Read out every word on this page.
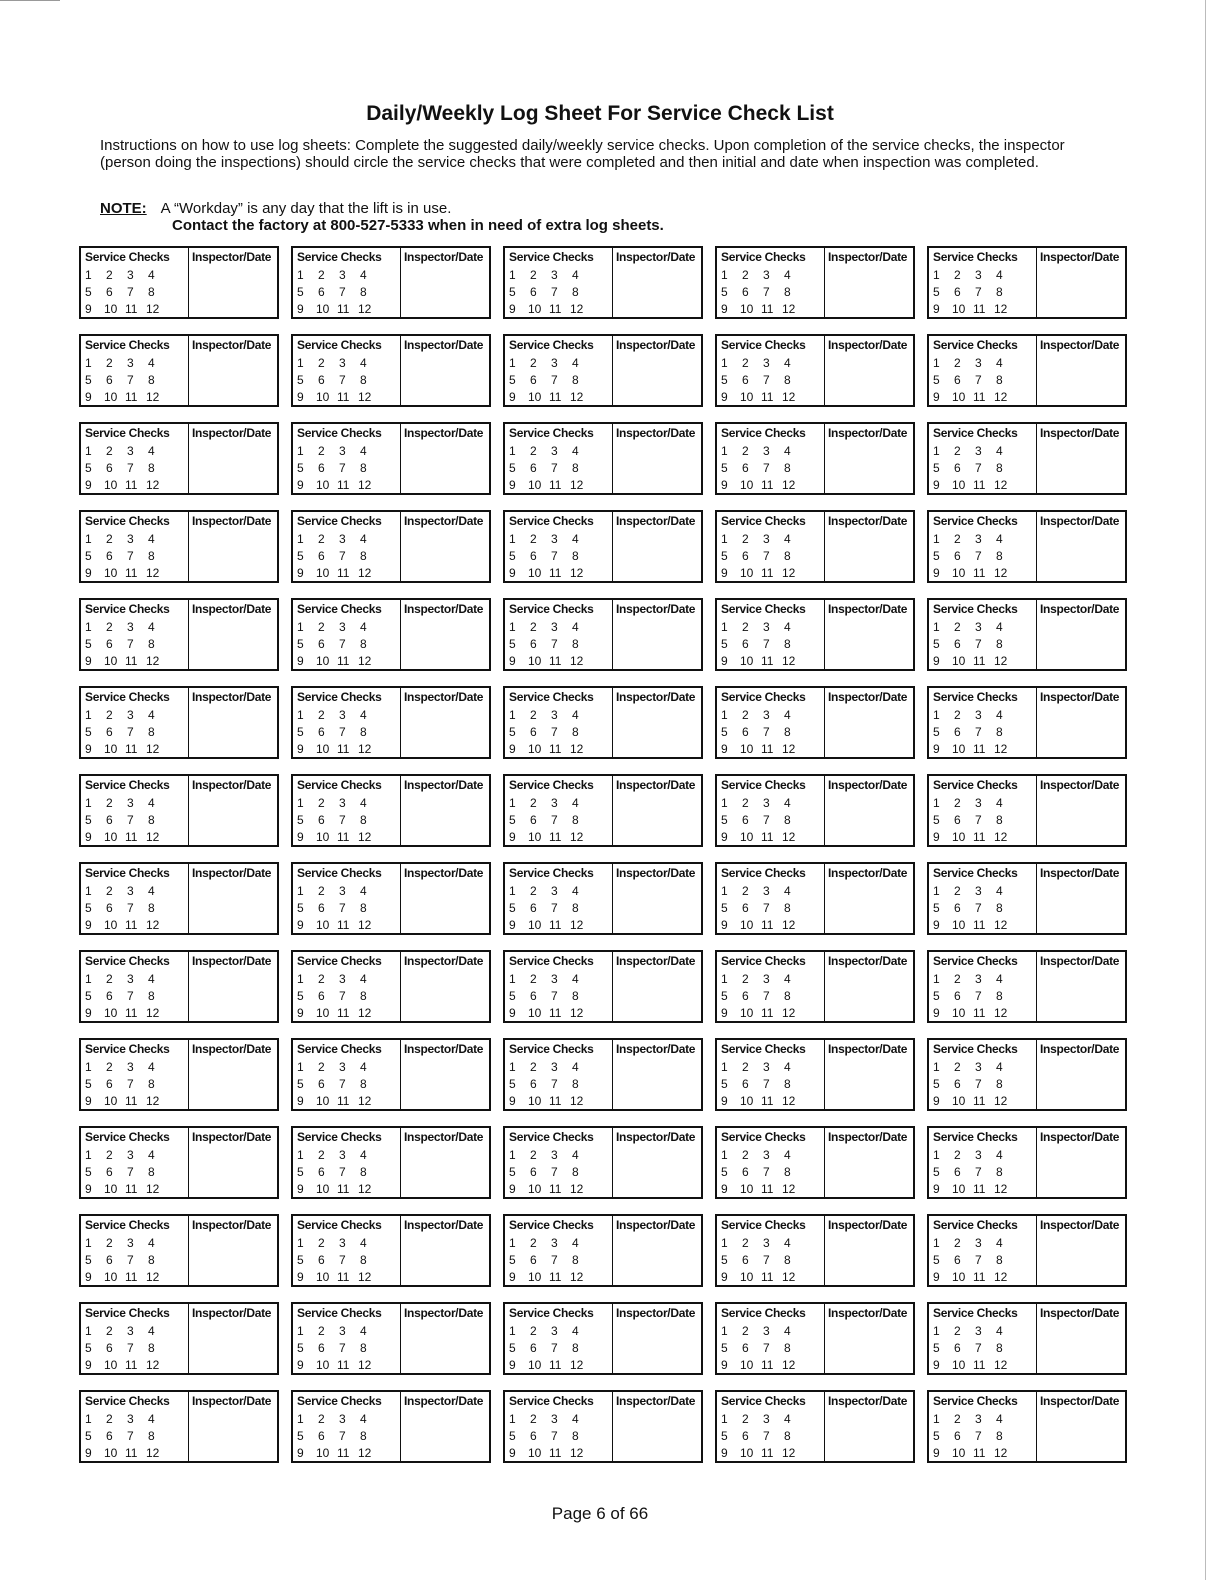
Daily/Weekly Log Sheet For Service Check List
Instructions on how to use log sheets: Complete the suggested daily/weekly service checks. Upon completion of the service checks, the inspector (person doing the inspections) should circle the service checks that were completed and then initial and date when inspection was completed.
NOTE: A “Workday” is any day that the lift is in use.
Contact the factory at 800-527-5333 when in need of extra log sheets.
Service Checks
1	2	3	4
5	6	7	8
9	10 11 12
Inspector/Date	Service Checks
1	2	3	4
5	6	7	8
9	10 11 12
Inspector/Date	Service Checks
1	2	3	4
5	6	7	8
9	10 11 12
Inspector/Date	Service Checks
1	2	3	4
5	6	7	8
9	10 11 12
Inspector/Date	Service Checks
1	2	3	4
5	6	7	8
9	10 11 12
Inspector/Date
Service Checks
1	2	3	4
5	6	7	8
9	10 11 12
Inspector/Date	Service Checks
1	2	3	4
5	6	7	8
9	10 11 12
Inspector/Date	Service Checks
1	2	3	4
5	6	7	8
9	10 11 12
Inspector/Date	Service Checks
1	2	3	4
5	6	7	8
9	10 11 12
Inspector/Date	Service Checks
1	2	3	4
5	6	7	8
9	10 11 12
Inspector/Date
Service Checks
1	2	3	4
5	6	7	8
9	10 11 12
Inspector/Date	Service Checks
1	2	3	4
5	6	7	8
9	10 11 12
Inspector/Date	Service Checks
1	2	3	4
5	6	7	8
9	10 11 12
Inspector/Date	Service Checks
1	2	3	4
5	6	7	8
9	10 11 12
Inspector/Date	Service Checks
1	2	3	4
5	6	7	8
9	10 11 12
Inspector/Date
Service Checks
1	2	3	4
5	6	7	8
9	10 11 12
Inspector/Date	Service Checks
1	2	3	4
5	6	7	8
9	10 11 12
Inspector/Date	Service Checks
1	2	3	4
5	6	7	8
9	10 11 12
Inspector/Date	Service Checks
1	2	3	4
5	6	7	8
9	10 11 12
Inspector/Date	Service Checks
1	2	3	4
5	6	7	8
9	10 11 12
Inspector/Date
Service Checks
1	2	3	4
5	6	7	8
9	10 11 12
Inspector/Date	Service Checks
1	2	3	4
5	6	7	8
9	10 11 12
Inspector/Date	Service Checks
1	2	3	4
5	6	7	8
9	10 11 12
Inspector/Date	Service Checks
1	2	3	4
5	6	7	8
9	10 11 12
Inspector/Date	Service Checks
1	2	3	4
5	6	7	8
9	10 11 12
Inspector/Date
Service Checks
1	2	3	4
5	6	7	8
9	10 11 12
Inspector/Date	Service Checks
1	2	3	4
5	6	7	8
9	10 11 12
Inspector/Date	Service Checks
1	2	3	4
5	6	7	8
9	10 11 12
Inspector/Date	Service Checks
1	2	3	4
5	6	7	8
9	10 11 12
Inspector/Date	Service Checks
1	2	3	4
5	6	7	8
9	10 11 12
Inspector/Date
Service Checks
1	2	3	4
5	6	7	8
9	10 11 12
Inspector/Date	Service Checks
1	2	3	4
5	6	7	8
9	10 11 12
Inspector/Date	Service Checks
1	2	3	4
5	6	7	8
9	10 11 12
Inspector/Date	Service Checks
1	2	3	4
5	6	7	8
9	10 11 12
Inspector/Date	Service Checks
1	2	3	4
5	6	7	8
9	10 11 12
Inspector/Date
Service Checks
1	2	3	4
5	6	7	8
9	10 11 12
Inspector/Date	Service Checks
1	2	3	4
5	6	7	8
9	10 11 12
Inspector/Date	Service Checks
1	2	3	4
5	6	7	8
9	10 11 12
Inspector/Date	Service Checks
1	2	3	4
5	6	7	8
9	10 11 12
Inspector/Date	Service Checks
1	2	3	4
5	6	7	8
9	10 11 12
Inspector/Date
Service Checks
1	2	3	4
5	6	7	8
9	10 11 12
Inspector/Date	Service Checks
1	2	3	4
5	6	7	8
9	10 11 12
Inspector/Date	Service Checks
1	2	3	4
5	6	7	8
9	10 11 12
Inspector/Date	Service Checks
1	2	3	4
5	6	7	8
9	10 11 12
Inspector/Date	Service Checks
1	2	3	4
5	6	7	8
9	10 11 12
Inspector/Date
Service Checks
1	2	3	4
5	6	7	8
9	10 11 12
Inspector/Date	Service Checks
1	2	3	4
5	6	7	8
9	10 11 12
Inspector/Date	Service Checks
1	2	3	4
5	6	7	8
9	10 11 12
Inspector/Date	Service Checks
1	2	3	4
5	6	7	8
9	10 11 12
Inspector/Date	Service Checks
1	2	3	4
5	6	7	8
9	10 11 12
Inspector/Date
Service Checks
1	2	3	4
5	6	7	8
9	10 11 12
Inspector/Date	Service Checks
1	2	3	4
5	6	7	8
9	10 11 12
Inspector/Date	Service Checks
1	2	3	4
5	6	7	8
9	10 11 12
Inspector/Date	Service Checks
1	2	3	4
5	6	7	8
9	10 11 12
Inspector/Date	Service Checks
1	2	3	4
5	6	7	8
9	10 11 12
Inspector/Date
Service Checks
1	2	3	4
5	6	7	8
9	10 11 12
Inspector/Date	Service Checks
1	2	3	4
5	6	7	8
9	10 11 12
Inspector/Date	Service Checks
1	2	3	4
5	6	7	8
9	10 11 12
Inspector/Date	Service Checks
1	2	3	4
5	6	7	8
9	10 11 12
Inspector/Date	Service Checks
1	2	3	4
5	6	7	8
9	10 11 12
Inspector/Date
Service Checks
1	2	3	4
5	6	7	8
9	10 11 12
Inspector/Date	Service Checks
1	2	3	4
5	6	7	8
9	10 11 12
Inspector/Date	Service Checks
1	2	3	4
5	6	7	8
9	10 11 12
Inspector/Date	Service Checks
1	2	3	4
5	6	7	8
9	10 11 12
Inspector/Date	Service Checks
1	2	3	4
5	6	7	8
9	10 11 12
Inspector/Date
Service Checks
1	2	3	4
5	6	7	8
9	10 11 12
Inspector/Date	Service Checks
1	2	3	4
5	6	7	8
9	10 11 12
Inspector/Date	Service Checks
1	2	3	4
5	6	7	8
9	10 11 12
Inspector/Date	Service Checks
1	2	3	4
5	6	7	8
9	10 11 12
Inspector/Date	Service Checks
1	2	3	4
5	6	7	8
9	10 11 12
Inspector/Date
Page 6 of 66
